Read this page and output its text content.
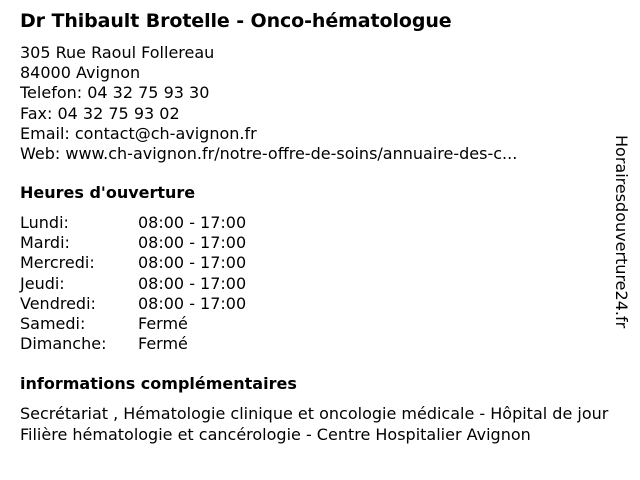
Dr Thibault Brotelle - Onco-hématologue
305 Rue Raoul Follereau
84000 Avignon
Telefon: 04 32 75 93 30
Fax: 04 32 75 93 02
Email: contact@ch-avignon.fr
Web: www.ch-avignon.fr/notre-offre-de-soins/annuaire-des-c...
Heures d'ouverture
Lundi:	08:00 - 17:00
Mardi:	08:00 - 17:00
Mercredi:	08:00 - 17:00
Jeudi:	08:00 - 17:00
Vendredi:	08:00 - 17:00
Samedi:	Fermé
Dimanche: Fermé
informations complémentaires
Secrétariat , Hématologie clinique et oncologie médicale - Hôpital de jour Filière hématologie et cancérologie - Centre Hospitalier Avignon
Horairesdouverture24.fr
